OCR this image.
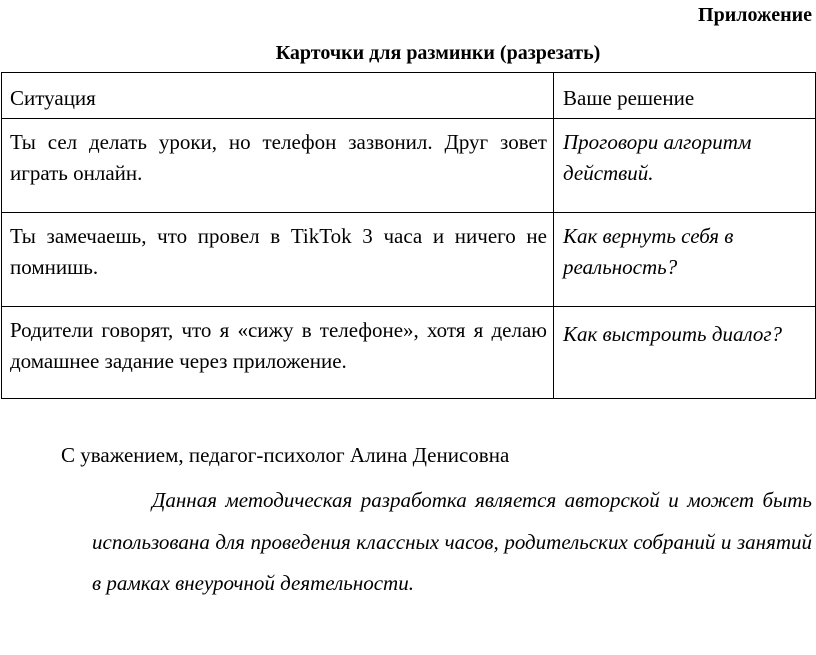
Приложение
Карточки для разминки (разрезать)
Ситуация	Ваше решение
Ты сел делать уроки, но телефон зазвонил. Друг зовет играть онлайн.	Проговори алгоритм действий.
Ты замечаешь, что провел в TikTok 3 часа и ничего не помнишь.	Как вернуть себя в реальность?
Родители говорят, что я «сижу в телефоне», хотя я делаю домашнее задание через приложение.	Как выстроить диалог?
С уважением, педагог-психолог Алина Денисовна
Данная методическая разработка является авторской и может быть использована для проведения классных часов, родительских собраний и занятий в рамках внеурочной деятельности.
